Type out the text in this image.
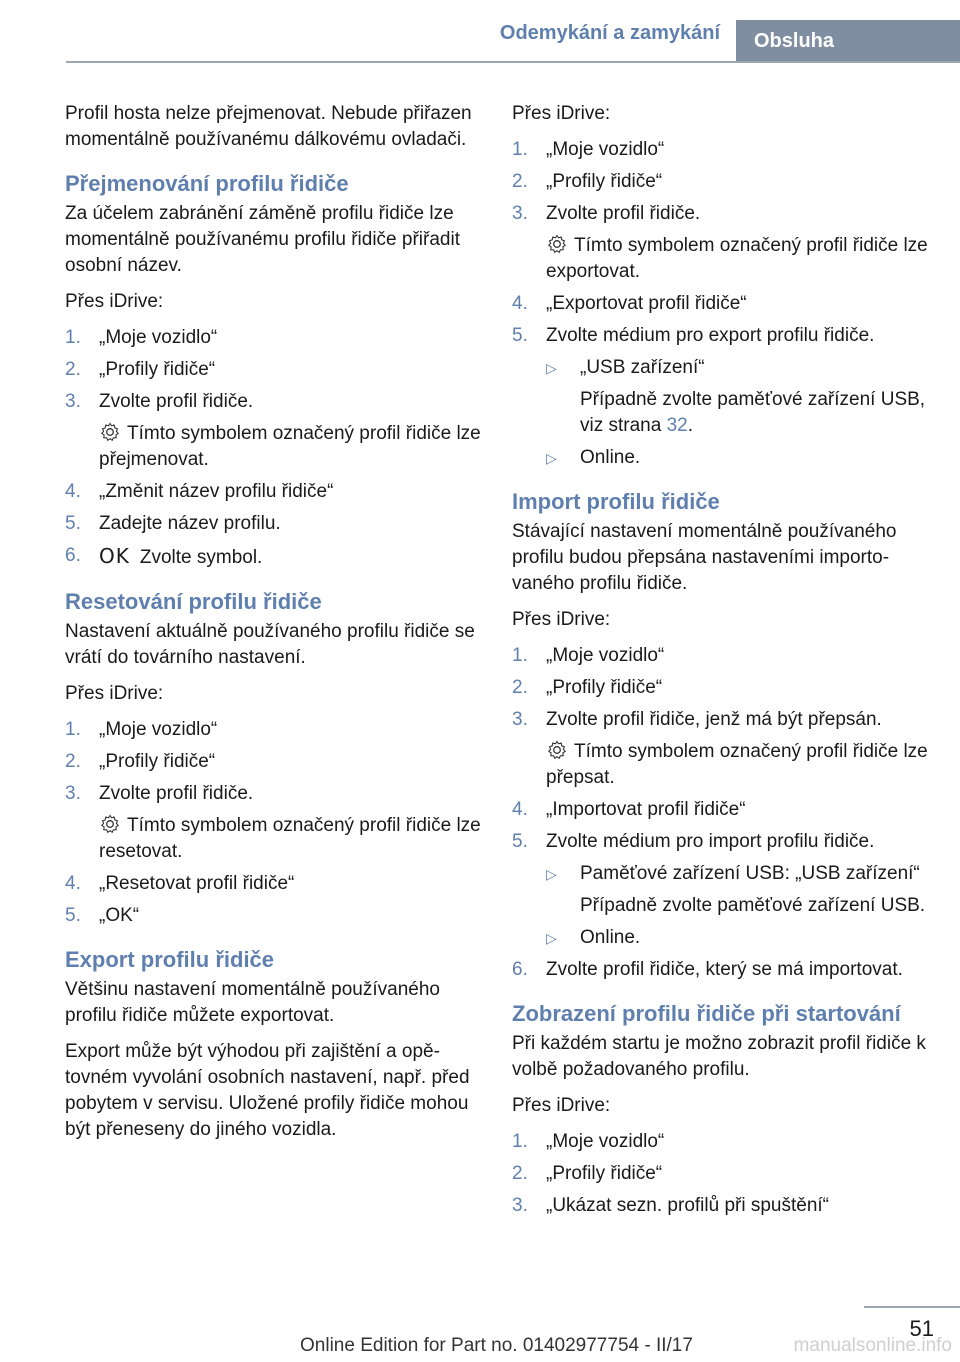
Odemykání a zamykání	Obsluha

Profil hosta nelze přejmenovat. Nebude přiřazen momentálně používanému dálkovému ovladači.

Přejmenování profilu řidiče

Za účelem zabránění záměně profilu řidiče lze momentálně používanému profilu řidiče přiřadit osobní název.

Přes iDrive:

1. „Moje vozidlo“
2. „Profily řidiče“
3. Zvolte profil řidiče.
Tímto symbolem označený profil řidiče lze přejmenovat.
4. „Změnit název profilu řidiče“
5. Zadejte název profilu.
6. OK Zvolte symbol.
Resetování profilu řidiče

Nastavení aktuálně používaného profilu řidiče se vrátí do továrního nastavení.

Přes iDrive:

1. „Moje vozidlo“
2. „Profily řidiče“
3. Zvolte profil řidiče.
Tímto symbolem označený profil řidiče lze resetovat.
4. „Resetovat profil řidiče“
5. „OK“
Export profilu řidiče

Většinu nastavení momentálně používaného profilu řidiče můžete exportovat.

Export může být výhodou při zajištění a opětovném vyvolání osobních nastavení, např. před pobytem v servisu. Uložené profily řidiče mohou být přeneseny do jiného vozidla.

Přes iDrive:

1. „Moje vozidlo“
2. „Profily řidiče“
3. Zvolte profil řidiče.
Tímto symbolem označený profil řidiče lze exportovat.
4. „Exportovat profil řidiče“
5. Zvolte médium pro export profilu řidiče.
▷	„USB zařízení“
Případně zvolte paměťové zařízení USB, viz strana 32.
▷	Online.
Import profilu řidiče

Stávající nastavení momentálně používaného profilu budou přepsána nastaveními importovaného profilu řidiče.

Přes iDrive:

1. „Moje vozidlo“
2. „Profily řidiče“
3. Zvolte profil řidiče, jenž má být přepsán.
Tímto symbolem označený profil řidiče lze přepsat.
4. „Importovat profil řidiče“
5. Zvolte médium pro import profilu řidiče.
▷	Paměťové zařízení USB: „USB zařízení“
Případně zvolte paměťové zařízení USB.
▷	Online.
6. Zvolte profil řidiče, který se má importovat.
Zobrazení profilu řidiče při startování

Při každém startu je možno zobrazit profil řidiče k volbě požadovaného profilu.

Přes iDrive:

1. „Moje vozidlo“
2. „Profily řidiče“
3. „Ukázat sezn. profilů při spuštění“
51
Online Edition for Part no. 01402977754 - II/17	manualsonline.info
